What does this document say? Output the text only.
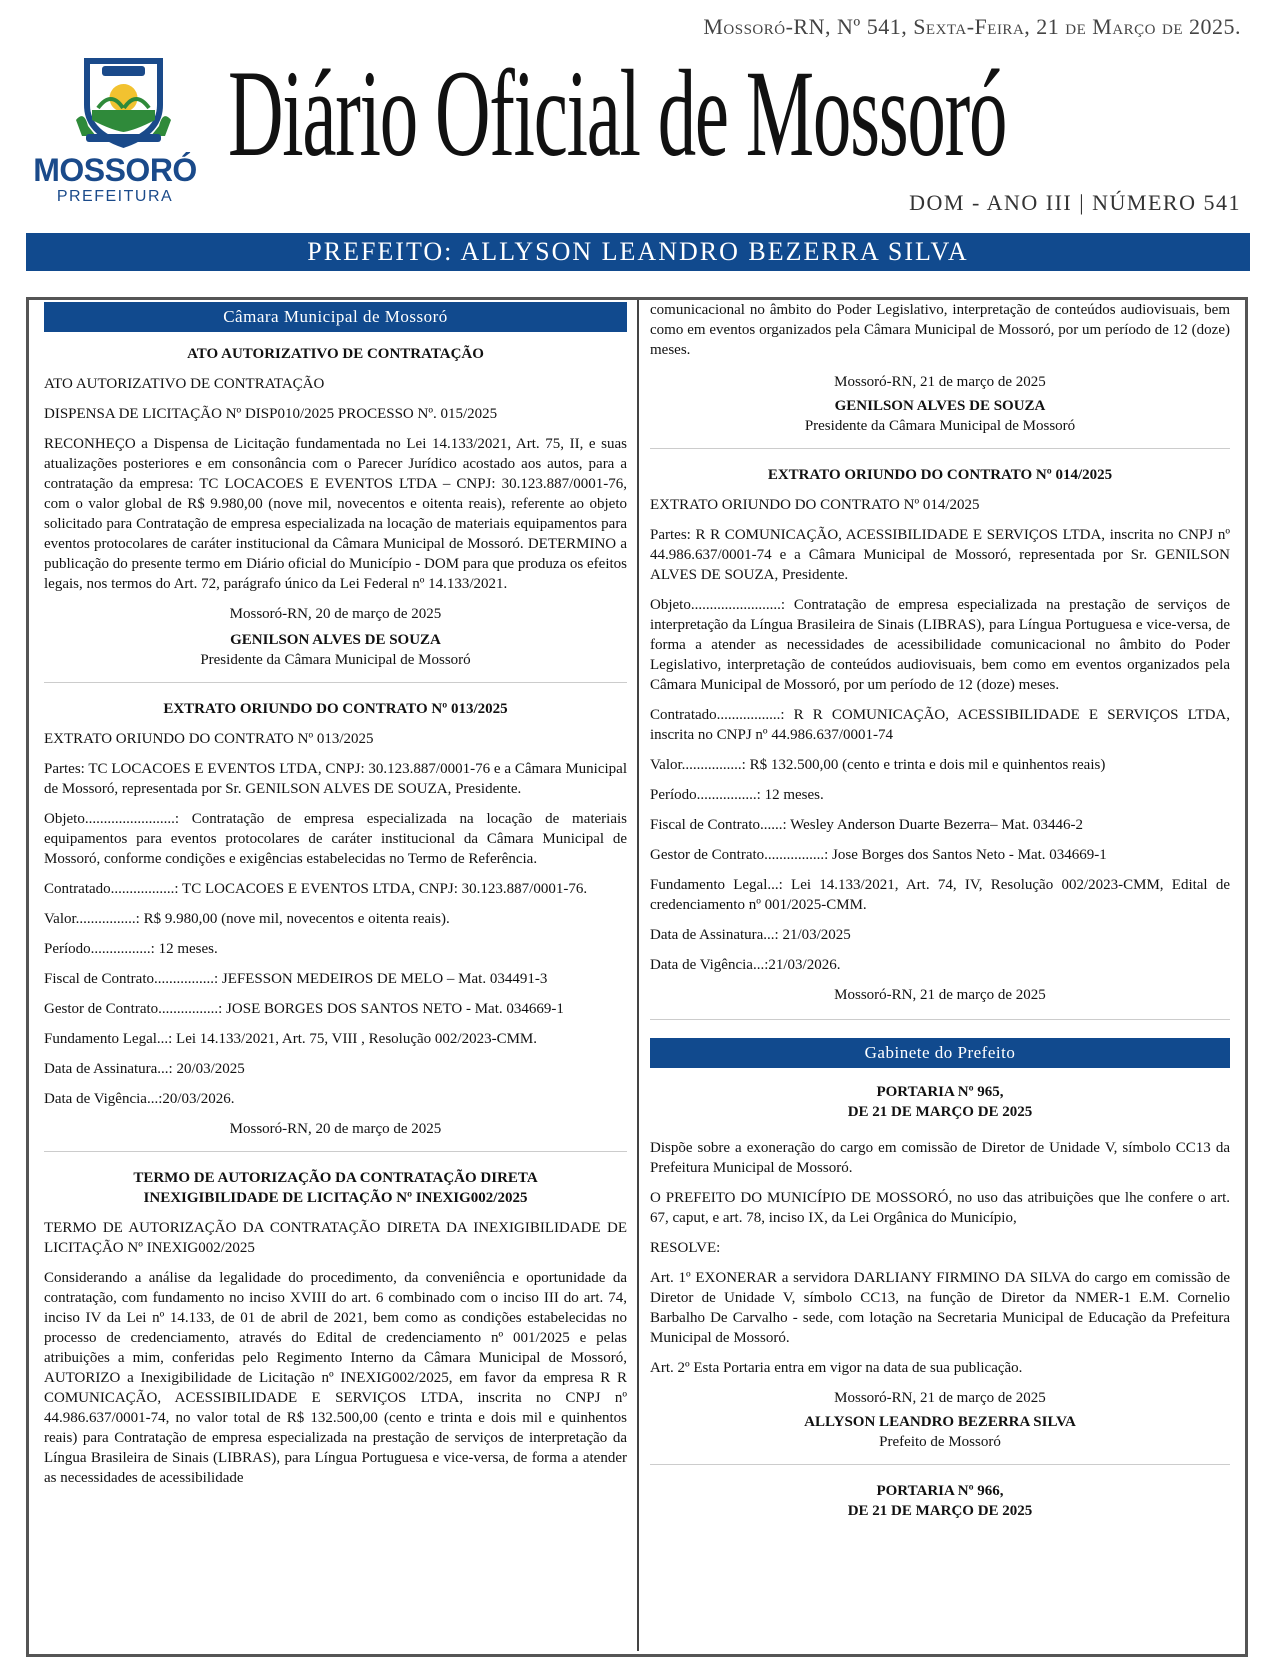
Mossoró-RN, Nº 541, Sexta-Feira, 21 de Março de 2025.
MOSSORÓ
PREFEITURA
Diário Oficial de Mossoró
DOM - ANO III | NÚMERO 541
PREFEITO: ALLYSON LEANDRO BEZERRA SILVA
Câmara Municipal de Mossoró
ATO AUTORIZATIVO DE CONTRATAÇÃO

ATO AUTORIZATIVO DE CONTRATAÇÃO

DISPENSA DE LICITAÇÃO Nº DISP010/2025 PROCESSO Nº. 015/2025

RECONHEÇO a Dispensa de Licitação fundamentada no Lei 14.133/2021, Art. 75, II, e suas atualizações posteriores e em consonância com o Parecer Jurídico acostado aos autos, para a contratação da empresa: TC LOCACOES E EVENTOS LTDA – CNPJ: 30.123.887/0001-76, com o valor global de R$ 9.980,00 (nove mil, novecentos e oitenta reais), referente ao objeto solicitado para Contratação de empresa especializada na locação de materiais equipamentos para eventos protocolares de caráter institucional da Câmara Municipal de Mossoró. DETERMINO a publicação do presente termo em Diário oficial do Município - DOM para que produza os efeitos legais, nos termos do Art. 72, parágrafo único da Lei Federal nº 14.133/2021.

Mossoró-RN, 20 de março de 2025
GENILSON ALVES DE SOUZA
Presidente da Câmara Municipal de Mossoró
EXTRATO ORIUNDO DO CONTRATO Nº 013/2025

EXTRATO ORIUNDO DO CONTRATO Nº 013/2025

Partes: TC LOCACOES E EVENTOS LTDA, CNPJ: 30.123.887/0001-76 e a Câmara Municipal de Mossoró, representada por Sr. GENILSON ALVES DE SOUZA, Presidente.

Objeto........................: Contratação de empresa especializada na locação de materiais equipamentos para eventos protocolares de caráter institucional da Câmara Municipal de Mossoró, conforme condições e exigências estabelecidas no Termo de Referência.

Contratado.................: TC LOCACOES E EVENTOS LTDA, CNPJ: 30.123.887/0001-76.

Valor................: R$ 9.980,00 (nove mil, novecentos e oitenta reais).

Período................: 12 meses.

Fiscal de Contrato................: JEFESSON MEDEIROS DE MELO – Mat. 034491-3

Gestor de Contrato................: JOSE BORGES DOS SANTOS NETO - Mat. 034669-1

Fundamento Legal...: Lei 14.133/2021, Art. 75, VIII , Resolução 002/2023-CMM.

Data de Assinatura...: 20/03/2025

Data de Vigência...:20/03/2026.

Mossoró-RN, 20 de março de 2025
TERMO DE AUTORIZAÇÃO DA CONTRATAÇÃO DIRETA
INEXIGIBILIDADE DE LICITAÇÃO Nº INEXIG002/2025

TERMO DE AUTORIZAÇÃO DA CONTRATAÇÃO DIRETA DA INEXIGIBILIDADE DE LICITAÇÃO Nº INEXIG002/2025

Considerando a análise da legalidade do procedimento, da conveniência e oportunidade da contratação, com fundamento no inciso XVIII do art. 6 combinado com o inciso III do art. 74, inciso IV da Lei nº 14.133, de 01 de abril de 2021, bem como as condições estabelecidas no processo de credenciamento, através do Edital de credenciamento nº 001/2025 e pelas atribuições a mim, conferidas pelo Regimento Interno da Câmara Municipal de Mossoró, AUTORIZO a Inexigibilidade de Licitação nº INEXIG002/2025, em favor da empresa R R COMUNICAÇÃO, ACESSIBILIDADE E SERVIÇOS LTDA, inscrita no CNPJ nº 44.986.637/0001-74, no valor total de R$ 132.500,00 (cento e trinta e dois mil e quinhentos reais) para Contratação de empresa especializada na prestação de serviços de interpretação da Língua Brasileira de Sinais (LIBRAS), para Língua Portuguesa e vice-versa, de forma a atender as necessidades de acessibilidade

comunicacional no âmbito do Poder Legislativo, interpretação de conteúdos audiovisuais, bem como em eventos organizados pela Câmara Municipal de Mossoró, por um período de 12 (doze) meses.

Mossoró-RN, 21 de março de 2025
GENILSON ALVES DE SOUZA
Presidente da Câmara Municipal de Mossoró
EXTRATO ORIUNDO DO CONTRATO Nº 014/2025

EXTRATO ORIUNDO DO CONTRATO Nº 014/2025

Partes: R R COMUNICAÇÃO, ACESSIBILIDADE E SERVIÇOS LTDA, inscrita no CNPJ nº 44.986.637/0001-74 e a Câmara Municipal de Mossoró, representada por Sr. GENILSON ALVES DE SOUZA, Presidente.

Objeto........................: Contratação de empresa especializada na prestação de serviços de interpretação da Língua Brasileira de Sinais (LIBRAS), para Língua Portuguesa e vice-versa, de forma a atender as necessidades de acessibilidade comunicacional no âmbito do Poder Legislativo, interpretação de conteúdos audiovisuais, bem como em eventos organizados pela Câmara Municipal de Mossoró, por um período de 12 (doze) meses.

Contratado.................: R R COMUNICAÇÃO, ACESSIBILIDADE E SERVIÇOS LTDA, inscrita no CNPJ nº 44.986.637/0001-74

Valor................: R$ 132.500,00 (cento e trinta e dois mil e quinhentos reais)

Período................: 12 meses.

Fiscal de Contrato......: Wesley Anderson Duarte Bezerra– Mat. 03446-2

Gestor de Contrato................: Jose Borges dos Santos Neto - Mat. 034669-1

Fundamento Legal...: Lei 14.133/2021, Art. 74, IV, Resolução 002/2023-CMM, Edital de credenciamento nº 001/2025-CMM.

Data de Assinatura...: 21/03/2025

Data de Vigência...:21/03/2026.

Mossoró-RN, 21 de março de 2025
Gabinete do Prefeito
PORTARIA Nº 965,
DE 21 DE MARÇO DE 2025

Dispõe sobre a exoneração do cargo em comissão de Diretor de Unidade V, símbolo CC13 da Prefeitura Municipal de Mossoró.

O PREFEITO DO MUNICÍPIO DE MOSSORÓ, no uso das atribuições que lhe confere o art. 67, caput, e art. 78, inciso IX, da Lei Orgânica do Município,

RESOLVE:

Art. 1º EXONERAR a servidora DARLIANY FIRMINO DA SILVA do cargo em comissão de Diretor de Unidade V, símbolo CC13, na função de Diretor da NMER-1 E.M. Cornelio Barbalho De Carvalho - sede, com lotação na Secretaria Municipal de Educação da Prefeitura Municipal de Mossoró.

Art. 2º Esta Portaria entra em vigor na data de sua publicação.

Mossoró-RN, 21 de março de 2025
ALLYSON LEANDRO BEZERRA SILVA
Prefeito de Mossoró
PORTARIA Nº 966,
DE 21 DE MARÇO DE 2025
